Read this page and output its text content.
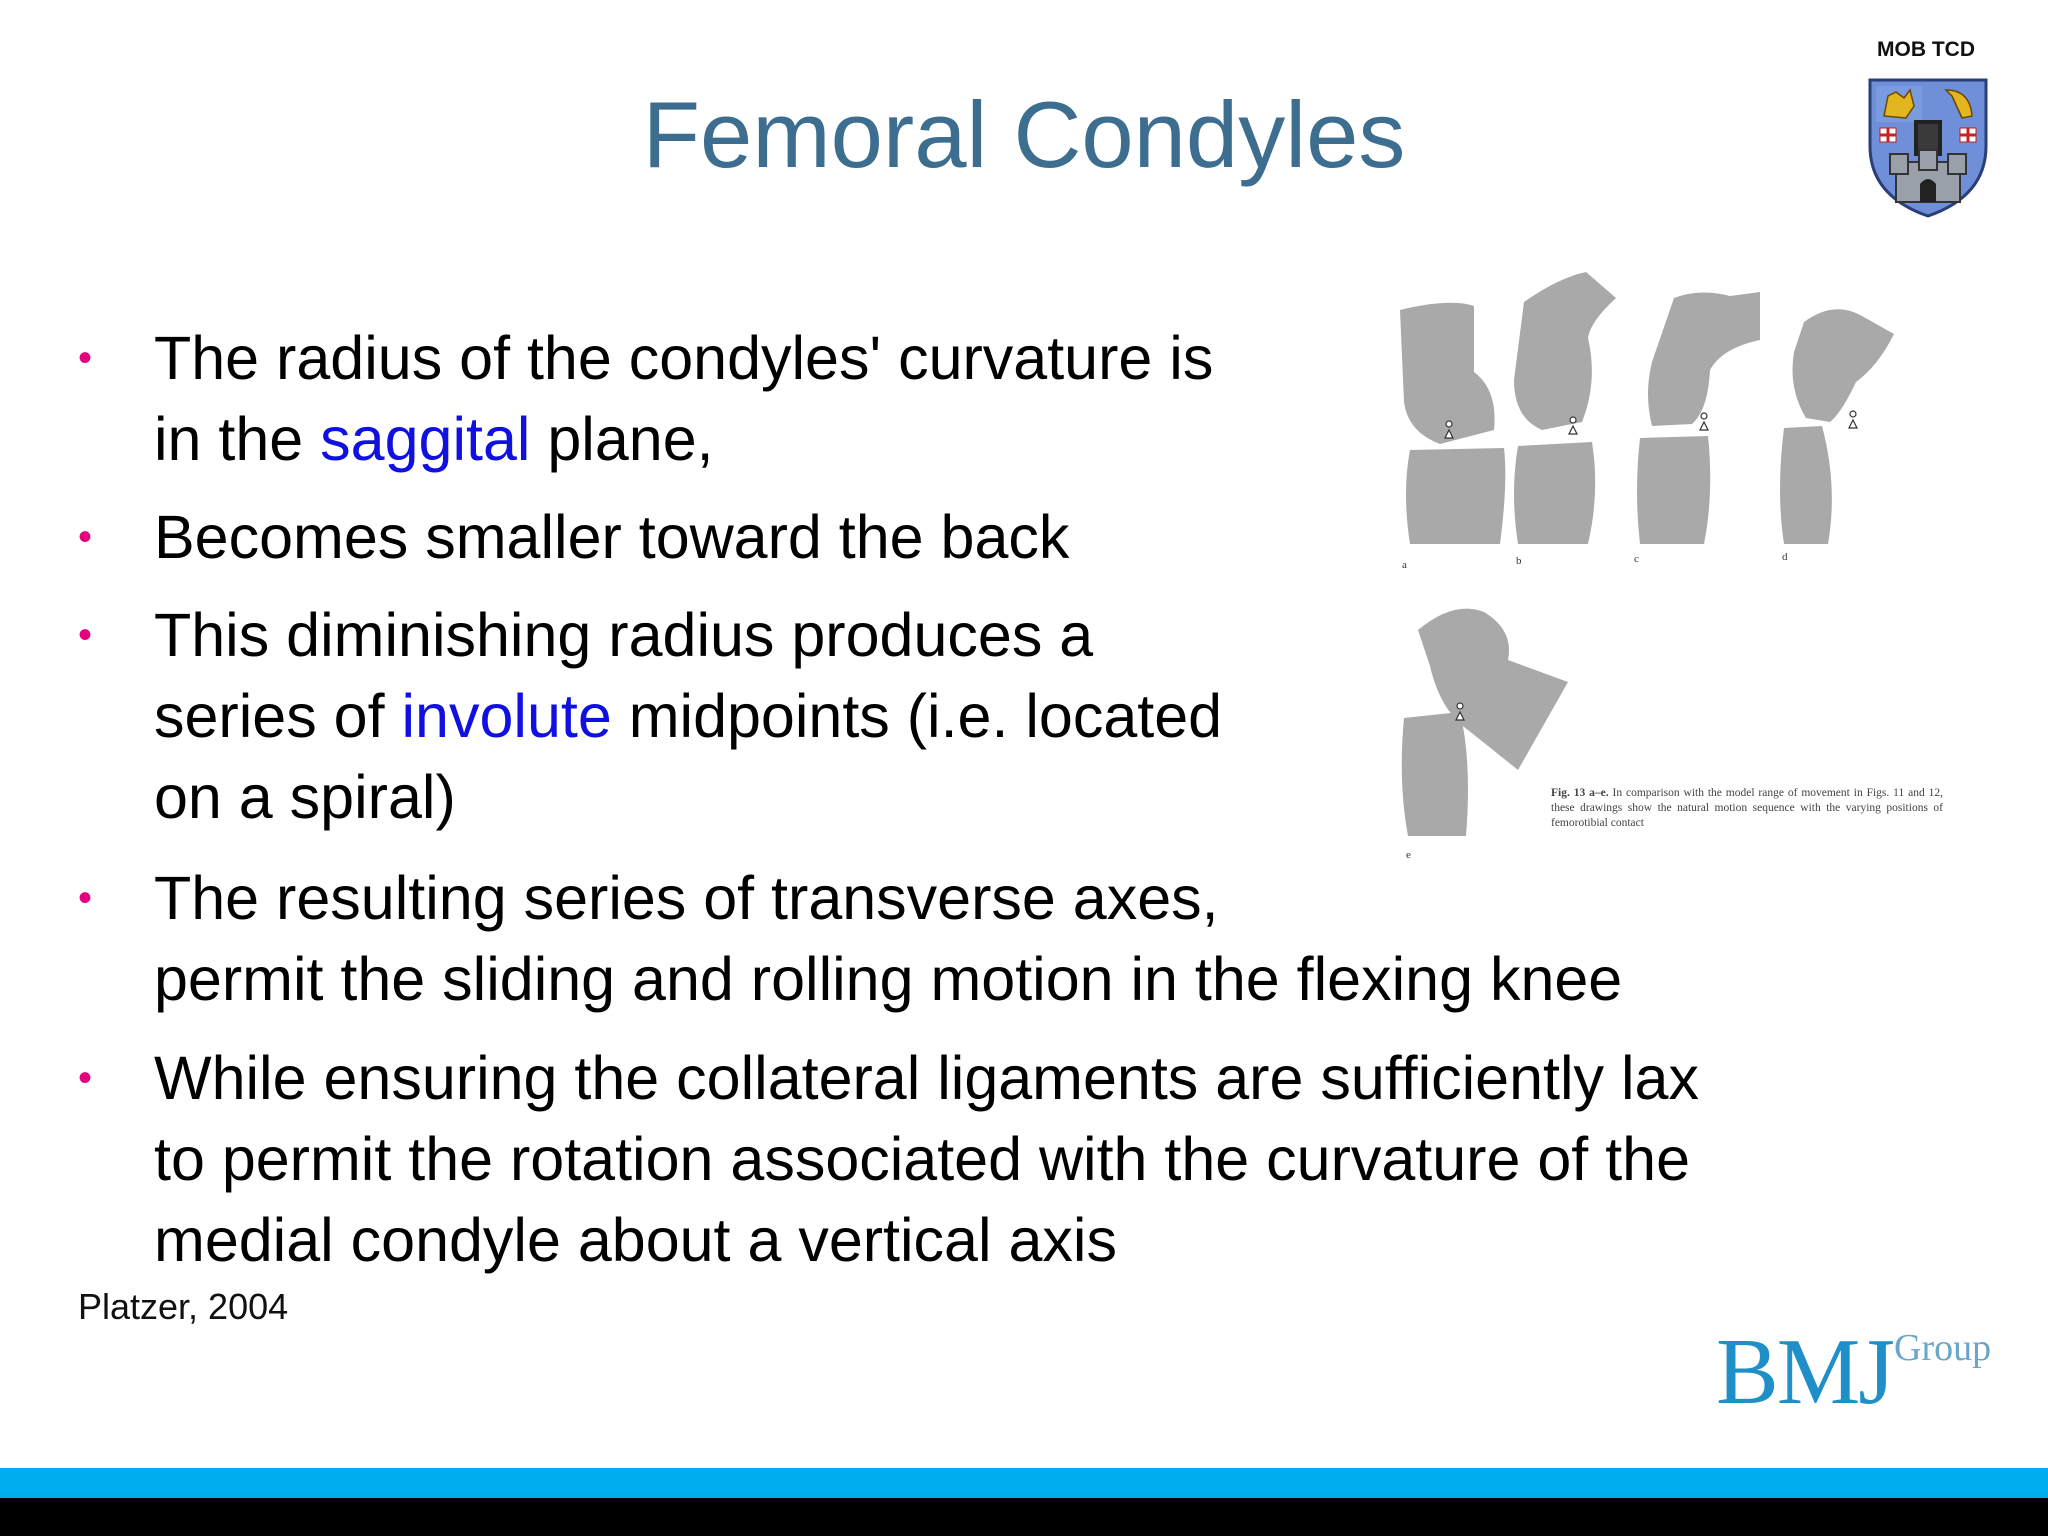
Femoral Condyles
MOB TCD
• The radius of the condyles' curvature is
in the saggital plane,
• Becomes smaller toward the back
• This diminishing radius produces a
series of involute midpoints (i.e. located
on a spiral)
• The resulting series of transverse axes,
permit the sliding and rolling motion in the flexing knee
• While ensuring the collateral ligaments are sufficiently lax
to permit the rotation associated with the curvature of the
medial condyle about a vertical axis
Platzer, 2004
a	b	c	d
e
Fig. 13 a–e. In comparison with the model range of movement in Figs. 11 and 12, these drawings show the natural motion sequence with the varying positions of femorotibial contact
BMJ Group
